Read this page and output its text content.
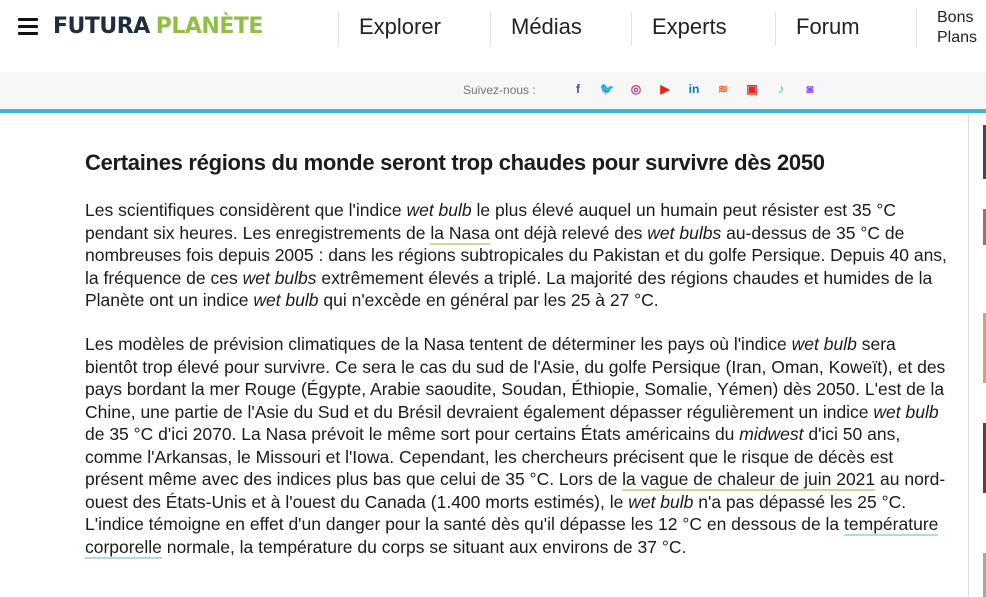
FUTURA PLANÈTE	Explorer	Médias	Experts	Forum	Bons
Plans
Suivez-nous :	f	🐦 ◎ ▶ in ≋ ▣	♪	◙
Certaines régions du monde seront trop chaudes pour survivre dès 2050

Les scientifiques considèrent que l'indice wet bulb le plus élevé auquel un humain peut résister est 35 °C pendant six heures. Les enregistrements de la Nasa ont déjà relevé des wet bulbs au-dessus de 35 °C de nombreuses fois depuis 2005 : dans les régions subtropicales du Pakistan et du golfe Persique. Depuis 40 ans, la fréquence de ces wet bulbs extrêmement élevés a triplé. La majorité des régions chaudes et humides de la Planète ont un indice wet bulb qui n'excède en général par les 25 à 27 °C.

Les modèles de prévision climatiques de la Nasa tentent de déterminer les pays où l'indice wet bulb sera bientôt trop élevé pour survivre. Ce sera le cas du sud de l'Asie, du golfe Persique (Iran, Oman, Koweït), et des pays bordant la mer Rouge (Égypte, Arabie saoudite, Soudan, Éthiopie, Somalie, Yémen) dès 2050. L'est de la Chine, une partie de l'Asie du Sud et du Brésil devraient également dépasser régulièrement un indice wet bulb de 35 °C d'ici 2070. La Nasa prévoit le même sort pour certains États américains du midwest d'ici 50 ans, comme l'Arkansas, le Missouri et l'Iowa. Cependant, les chercheurs précisent que le risque de décès est présent même avec des indices plus bas que celui de 35 °C. Lors de la vague de chaleur de juin 2021 au nord-ouest des États-Unis et à l'ouest du Canada (1.400 morts estimés), le wet bulb n'a pas dépassé les 25 °C. L'indice témoigne en effet d'un danger pour la santé dès qu'il dépasse les 12 °C en dessous de la température corporelle normale, la température du corps se situant aux environs de 37 °C.
